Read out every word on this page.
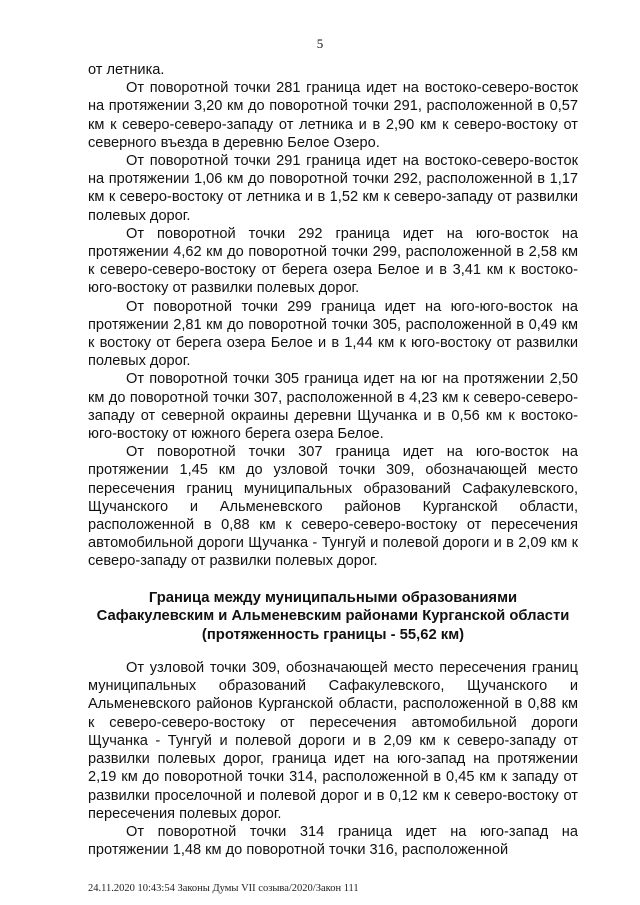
5

от летника.

От поворотной точки 281 граница идет на востоко-северо-восток на протяжении 3,20 км до поворотной точки 291, расположенной в 0,57 км к северо-северо-западу от летника и в 2,90 км к северо-востоку от северного въезда в деревню Белое Озеро.

От поворотной точки 291 граница идет на востоко-северо-восток на протяжении 1,06 км до поворотной точки 292, расположенной в 1,17 км к северо-востоку от летника и в 1,52 км к северо-западу от развилки полевых дорог.

От поворотной точки 292 граница идет на юго-восток на протяжении 4,62 км до поворотной точки 299, расположенной в 2,58 км к северо-северо-востоку от берега озера Белое и в 3,41 км к востоко-юго-востоку от развилки полевых дорог.

От поворотной точки 299 граница идет на юго-юго-восток на протяжении 2,81 км до поворотной точки 305, расположенной в 0,49 км к востоку от берега озера Белое и в 1,44 км к юго-востоку от развилки полевых дорог.

От поворотной точки 305 граница идет на юг на протяжении 2,50 км до поворотной точки 307, расположенной в 4,23 км к северо-северо-западу от северной окраины деревни Щучанка и в 0,56 км к востоко-юго-востоку от южного берега озера Белое.

От поворотной точки 307 граница идет на юго-восток на протяжении 1,45 км до узловой точки 309, обозначающей место пересечения границ муниципальных образований Сафакулевского, Щучанского и Альменевского районов Курганской области, расположенной в 0,88 км к северо-северо-востоку от пересечения автомобильной дороги Щучанка - Тунгуй и полевой дороги и в 2,09 км к северо-западу от развилки полевых дорог.

Граница между муниципальными образованиями
Сафакулевским и Альменевским районами Курганской области
(протяженность границы - 55,62 км)

От узловой точки 309, обозначающей место пересечения границ муниципальных образований Сафакулевского, Щучанского и Альменевского районов Курганской области, расположенной в 0,88 км к северо-северо-востоку от пересечения автомобильной дороги Щучанка - Тунгуй и полевой дороги и в 2,09 км к северо-западу от развилки полевых дорог, граница идет на юго-запад на протяжении 2,19 км до поворотной точки 314, расположенной в 0,45 км к западу от развилки проселочной и полевой дорог и в 0,12 км к северо-востоку от пересечения полевых дорог.

От поворотной точки 314 граница идет на юго-запад на протяжении 1,48 км до поворотной точки 316, расположенной

24.11.2020 10:43:54 Законы Думы VII созыва/2020/Закон 111
